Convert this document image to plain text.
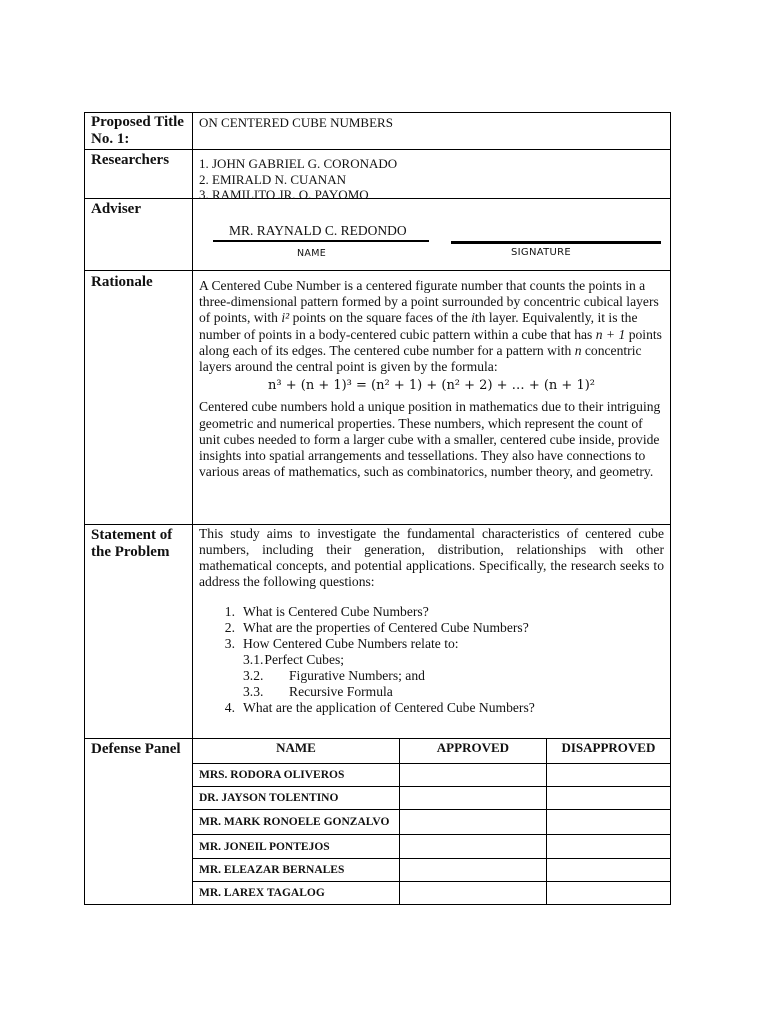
Proposed Title No. 1:
ON CENTERED CUBE NUMBERS
Researchers	1. JOHN GABRIEL G. CORONADO
2. EMIRALD N. CUANAN
3. RAMILITO JR. O. PAYOMO
Adviser
MR. RAYNALD C. REDONDO
NAME	SIGNATURE
Rationale	A Centered Cube Number is a centered figurate number that counts the points in a three-dimensional pattern formed by a point surrounded by concentric cubical layers of points, with i² points on the square faces of the ith layer. Equivalently, it is the number of points in a body-centered cubic pattern within a cube that has n + 1 points along each of its edges. The centered cube number for a pattern with n concentric layers around the central point is given by the formula:

n³ + (n + 1)³ = (n² + 1) + (n² + 2) + … + (n + 1)²

Centered cube numbers hold a unique position in mathematics due to their intriguing geometric and numerical properties. These numbers, which represent the count of unit cubes needed to form a larger cube with a smaller, centered cube inside, provide insights into spatial arrangements and tessellations. They also have connections to various areas of mathematics, such as combinatorics, number theory, and geometry.

Statement of the Problem

This study aims to investigate the fundamental characteristics of centered cube numbers, including their generation, distribution, relationships with other mathematical concepts, and potential applications. Specifically, the research seeks to address the following questions:

1. What is Centered Cube Numbers?
2. What are the properties of Centered Cube Numbers?
3. How Centered Cube Numbers relate to:
3.1. Perfect Cubes;
3.2.	Figurative Numbers; and
3.3.	Recursive Formula
4. What are the application of Centered Cube Numbers?
Defense Panel	NAME	APPROVED	DISAPPROVED
MRS. RODORA OLIVEROS		
DR. JAYSON TOLENTINO		
MR. MARK RONOELE GONZALVO		
MR. JONEIL PONTEJOS		
MR. ELEAZAR BERNALES		
MR. LAREX TAGALOG		
